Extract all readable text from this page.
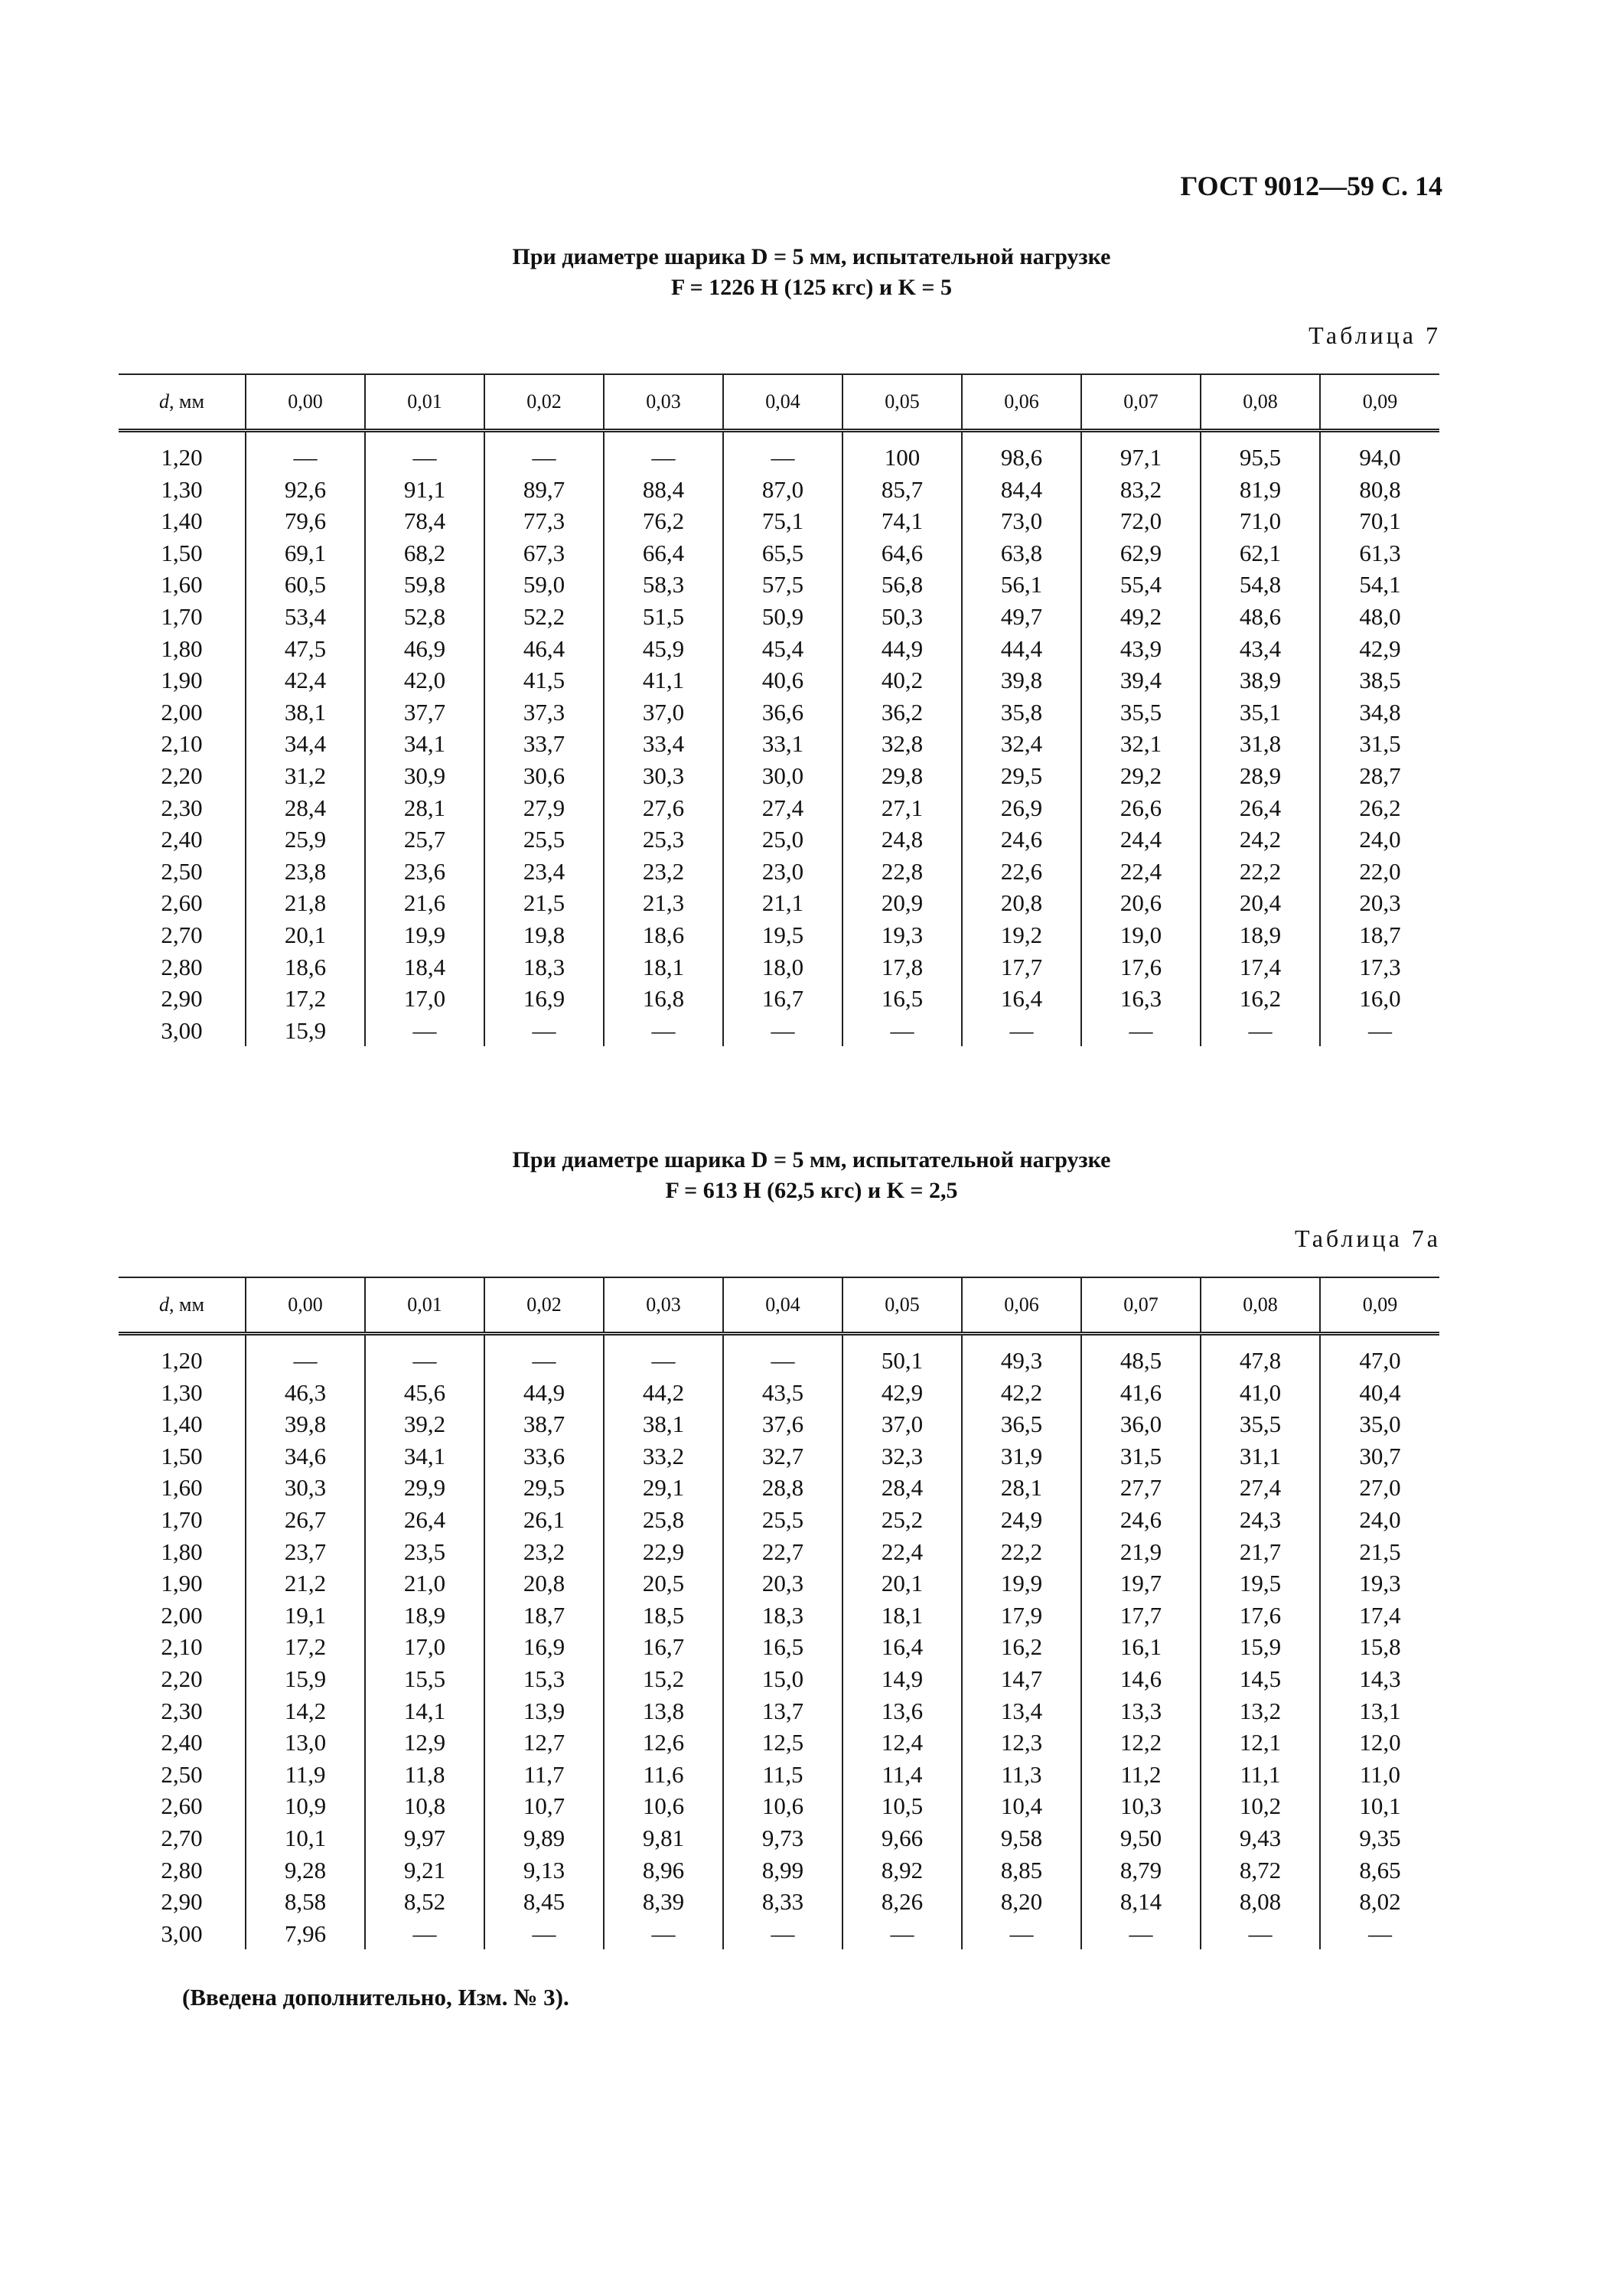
ГОСТ 9012—59 С. 14
При диаметре шарика D = 5 мм, испытательной нагрузке
F = 1226 Н (125 кгс) и K = 5
Таблица 7
d, мм	0,00	0,01	0,02	0,03	0,04	0,05	0,06	0,07	0,08	0,09
1,20	—	—	—	—	—	100	98,6	97,1	95,5	94,0
1,30	92,6	91,1	89,7	88,4	87,0	85,7	84,4	83,2	81,9	80,8
1,40	79,6	78,4	77,3	76,2	75,1	74,1	73,0	72,0	71,0	70,1
1,50	69,1	68,2	67,3	66,4	65,5	64,6	63,8	62,9	62,1	61,3
1,60	60,5	59,8	59,0	58,3	57,5	56,8	56,1	55,4	54,8	54,1
1,70	53,4	52,8	52,2	51,5	50,9	50,3	49,7	49,2	48,6	48,0
1,80	47,5	46,9	46,4	45,9	45,4	44,9	44,4	43,9	43,4	42,9
1,90	42,4	42,0	41,5	41,1	40,6	40,2	39,8	39,4	38,9	38,5
2,00	38,1	37,7	37,3	37,0	36,6	36,2	35,8	35,5	35,1	34,8
2,10	34,4	34,1	33,7	33,4	33,1	32,8	32,4	32,1	31,8	31,5
2,20	31,2	30,9	30,6	30,3	30,0	29,8	29,5	29,2	28,9	28,7
2,30	28,4	28,1	27,9	27,6	27,4	27,1	26,9	26,6	26,4	26,2
2,40	25,9	25,7	25,5	25,3	25,0	24,8	24,6	24,4	24,2	24,0
2,50	23,8	23,6	23,4	23,2	23,0	22,8	22,6	22,4	22,2	22,0
2,60	21,8	21,6	21,5	21,3	21,1	20,9	20,8	20,6	20,4	20,3
2,70	20,1	19,9	19,8	18,6	19,5	19,3	19,2	19,0	18,9	18,7
2,80	18,6	18,4	18,3	18,1	18,0	17,8	17,7	17,6	17,4	17,3
2,90	17,2	17,0	16,9	16,8	16,7	16,5	16,4	16,3	16,2	16,0
3,00	15,9	—	—	—	—	—	—	—	—	—
При диаметре шарика D = 5 мм, испытательной нагрузке
F = 613 Н (62,5 кгс) и K = 2,5
Таблица 7а
d, мм	0,00	0,01	0,02	0,03	0,04	0,05	0,06	0,07	0,08	0,09
1,20	—	—	—	—	—	50,1	49,3	48,5	47,8	47,0
1,30	46,3	45,6	44,9	44,2	43,5	42,9	42,2	41,6	41,0	40,4
1,40	39,8	39,2	38,7	38,1	37,6	37,0	36,5	36,0	35,5	35,0
1,50	34,6	34,1	33,6	33,2	32,7	32,3	31,9	31,5	31,1	30,7
1,60	30,3	29,9	29,5	29,1	28,8	28,4	28,1	27,7	27,4	27,0
1,70	26,7	26,4	26,1	25,8	25,5	25,2	24,9	24,6	24,3	24,0
1,80	23,7	23,5	23,2	22,9	22,7	22,4	22,2	21,9	21,7	21,5
1,90	21,2	21,0	20,8	20,5	20,3	20,1	19,9	19,7	19,5	19,3
2,00	19,1	18,9	18,7	18,5	18,3	18,1	17,9	17,7	17,6	17,4
2,10	17,2	17,0	16,9	16,7	16,5	16,4	16,2	16,1	15,9	15,8
2,20	15,9	15,5	15,3	15,2	15,0	14,9	14,7	14,6	14,5	14,3
2,30	14,2	14,1	13,9	13,8	13,7	13,6	13,4	13,3	13,2	13,1
2,40	13,0	12,9	12,7	12,6	12,5	12,4	12,3	12,2	12,1	12,0
2,50	11,9	11,8	11,7	11,6	11,5	11,4	11,3	11,2	11,1	11,0
2,60	10,9	10,8	10,7	10,6	10,6	10,5	10,4	10,3	10,2	10,1
2,70	10,1	9,97	9,89	9,81	9,73	9,66	9,58	9,50	9,43	9,35
2,80	9,28	9,21	9,13	8,96	8,99	8,92	8,85	8,79	8,72	8,65
2,90	8,58	8,52	8,45	8,39	8,33	8,26	8,20	8,14	8,08	8,02
3,00	7,96	—	—	—	—	—	—	—	—	—
(Введена дополнительно, Изм. № 3).
